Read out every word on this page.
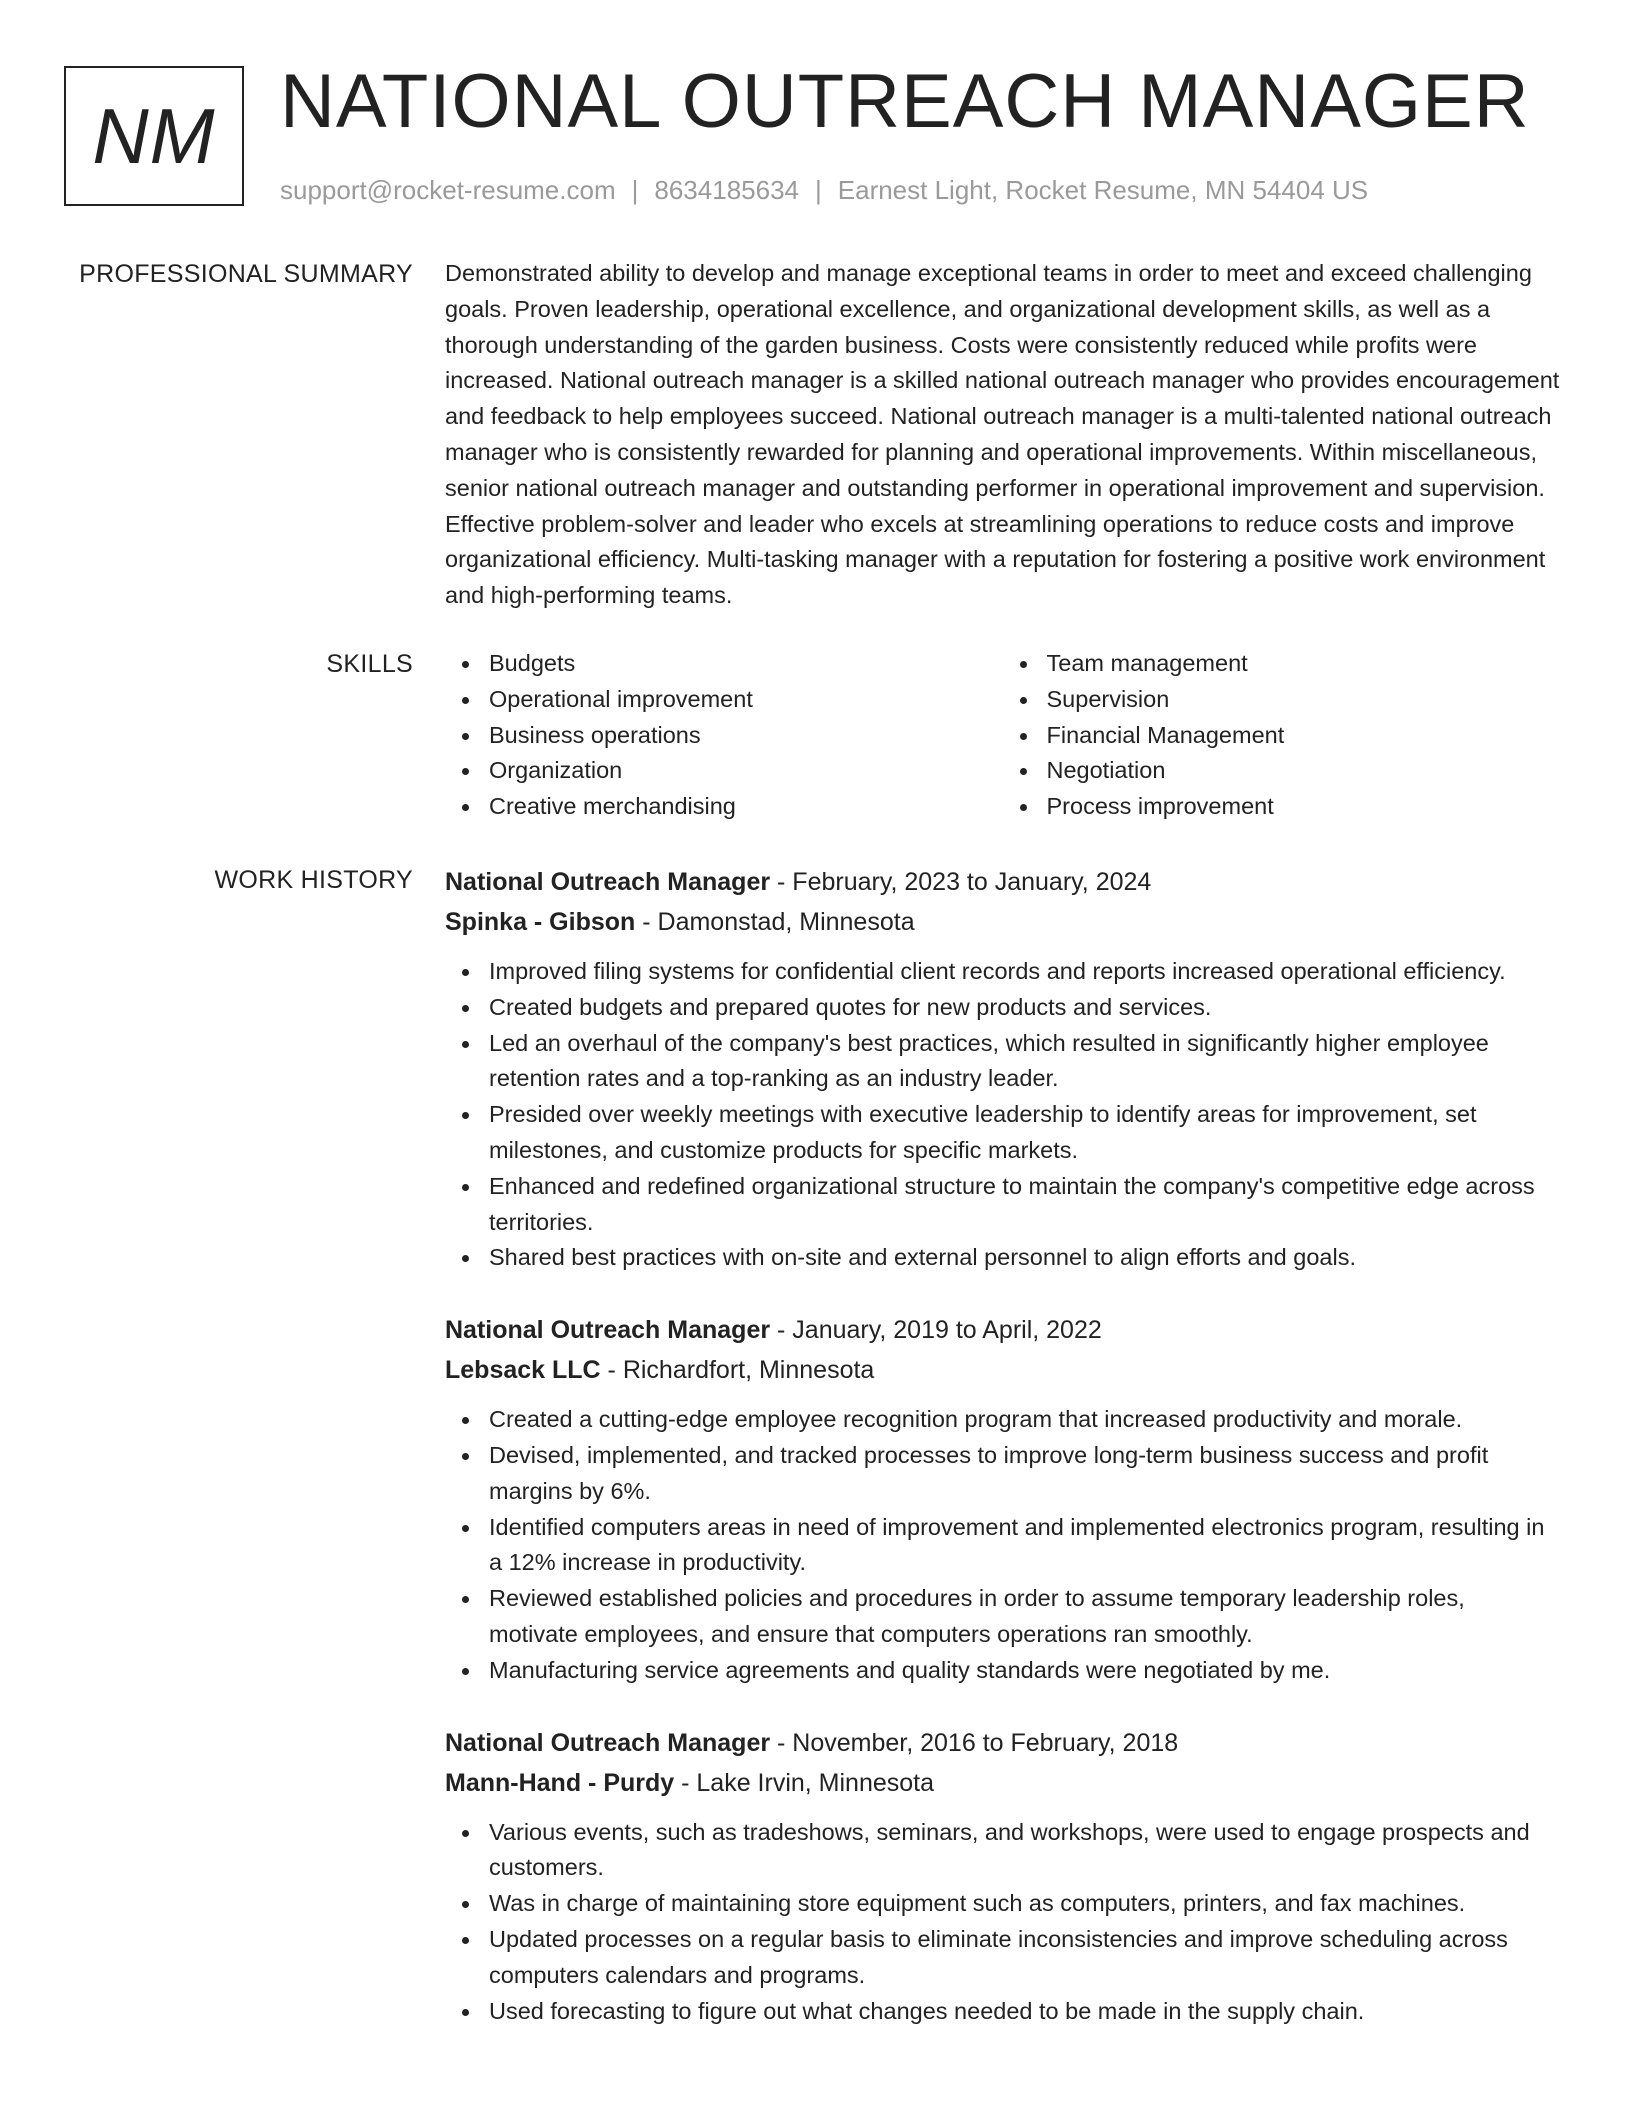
NM NATIONAL OUTREACH MANAGER
support@rocket-resume.com | 8634185634 | Earnest Light, Rocket Resume, MN 54404 US
PROFESSIONAL SUMMARY Demonstrated ability to develop and manage exceptional teams in order to meet and exceed challenging goals. Proven leadership, operational excellence, and organizational development skills, as well as a thorough understanding of the garden business. Costs were consistently reduced while profits were increased. National outreach manager is a skilled national outreach manager who provides encouragement and feedback to help employees succeed. National outreach manager is a multi-talented national outreach manager who is consistently rewarded for planning and operational improvements. Within miscellaneous, senior national outreach manager and outstanding performer in operational improvement and supervision. Effective problem-solver and leader who excels at streamlining operations to reduce costs and improve organizational efficiency. Multi-tasking manager with a reputation for fostering a positive work environment and high-performing teams.

SKILLS	Budgets
Operational improvement
Business operations
Organization
Creative merchandising
Team management
Supervision
Financial Management
Negotiation
Process improvement
WORK HISTORY National Outreach Manager - February, 2023 to January, 2024
Spinka - Gibson - Damonstad, Minnesota
Improved filing systems for confidential client records and reports increased operational efficiency.
Created budgets and prepared quotes for new products and services.
Led an overhaul of the company's best practices, which resulted in significantly higher employee retention rates and a top-ranking as an industry leader.
Presided over weekly meetings with executive leadership to identify areas for improvement, set milestones, and customize products for specific markets.
Enhanced and redefined organizational structure to maintain the company's competitive edge across territories.
Shared best practices with on-site and external personnel to align efforts and goals.
National Outreach Manager - January, 2019 to April, 2022
Lebsack LLC - Richardfort, Minnesota
Created a cutting-edge employee recognition program that increased productivity and morale.
Devised, implemented, and tracked processes to improve long-term business success and profit margins by 6%.
Identified computers areas in need of improvement and implemented electronics program, resulting in a 12% increase in productivity.
Reviewed established policies and procedures in order to assume temporary leadership roles, motivate employees, and ensure that computers operations ran smoothly.
Manufacturing service agreements and quality standards were negotiated by me.
National Outreach Manager - November, 2016 to February, 2018
Mann-Hand - Purdy - Lake Irvin, Minnesota
Various events, such as tradeshows, seminars, and workshops, were used to engage prospects and customers.
Was in charge of maintaining store equipment such as computers, printers, and fax machines.
Updated processes on a regular basis to eliminate inconsistencies and improve scheduling across computers calendars and programs.
Used forecasting to figure out what changes needed to be made in the supply chain.
